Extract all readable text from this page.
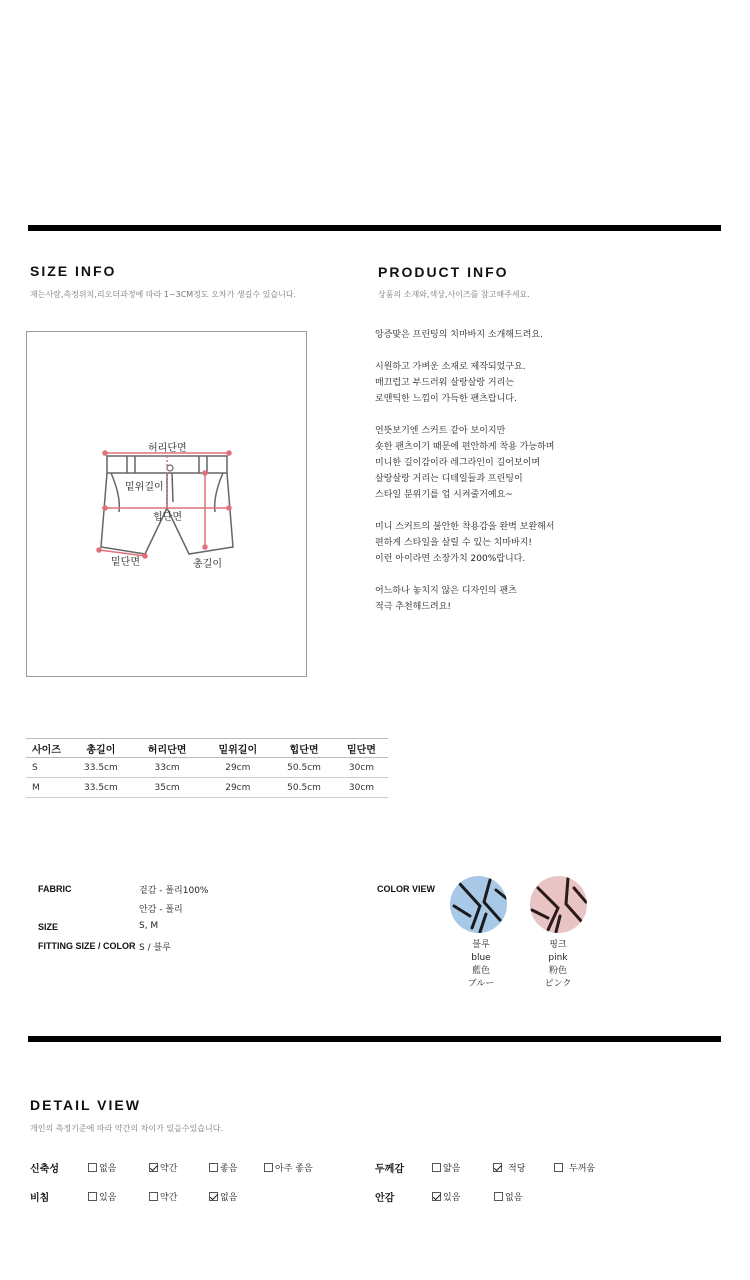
SIZE INFO
재는사람,측정위치,리오더과정에 따라 1~3CM정도 오차가 생길수 있습니다.
PRODUCT INFO
상품의 소재와,색상,사이즈를 참고해주세요.
허리단면
밑위길이
힙단면
밑단면	총길이
앙증맞은 프린팅의 치마바지 소개해드려요.

시원하고 가벼운 소재로 제작되었구요.
매끄럽고 부드러워 살랑살랑 거리는
로맨틱한 느낌이 가득한 팬츠랍니다.

언뜻보기엔 스커트 같아 보이지만
숏한 팬츠이기 때문에 편안하게 착용 가능하며
미니한 길이감이라 레그라인이 길어보이며
살랑살랑 거리는 디테일들과 프린팅이
스타일 분위기를 업 시켜줄거예요~

미니 스커트의 불안한 착용감을 완벽 보완해서
편하게 스타일을 살릴 수 있는 치마바지!
이런 아이라면 소장가치 200%랍니다.

어느하나 놓치지 않은 디자인의 팬츠
적극 추천해드려요!
사이즈	총길이	허리단면	밑위길이	힙단면	밑단면
S	33.5cm	33cm	29cm	50.5cm	30cm
M	33.5cm	35cm	29cm	50.5cm	30cm
FABRIC	겉감 - 폴리100%
안감 - 폴리
SIZE	S, M
FITTING SIZE / COLOR S / 블루
COLOR VIEW
블루
blue
藍色
ブルー
핑크
pink
粉色
ピンク
DETAIL VIEW
개인의 측정기준에 따라 약간의 차이가 있을수있습니다.
신축성	없음	약간	좋음	아주 좋음	두께감	얇음	적당	두꺼움
비침	있음	약간	없음	안감	있음	없음
